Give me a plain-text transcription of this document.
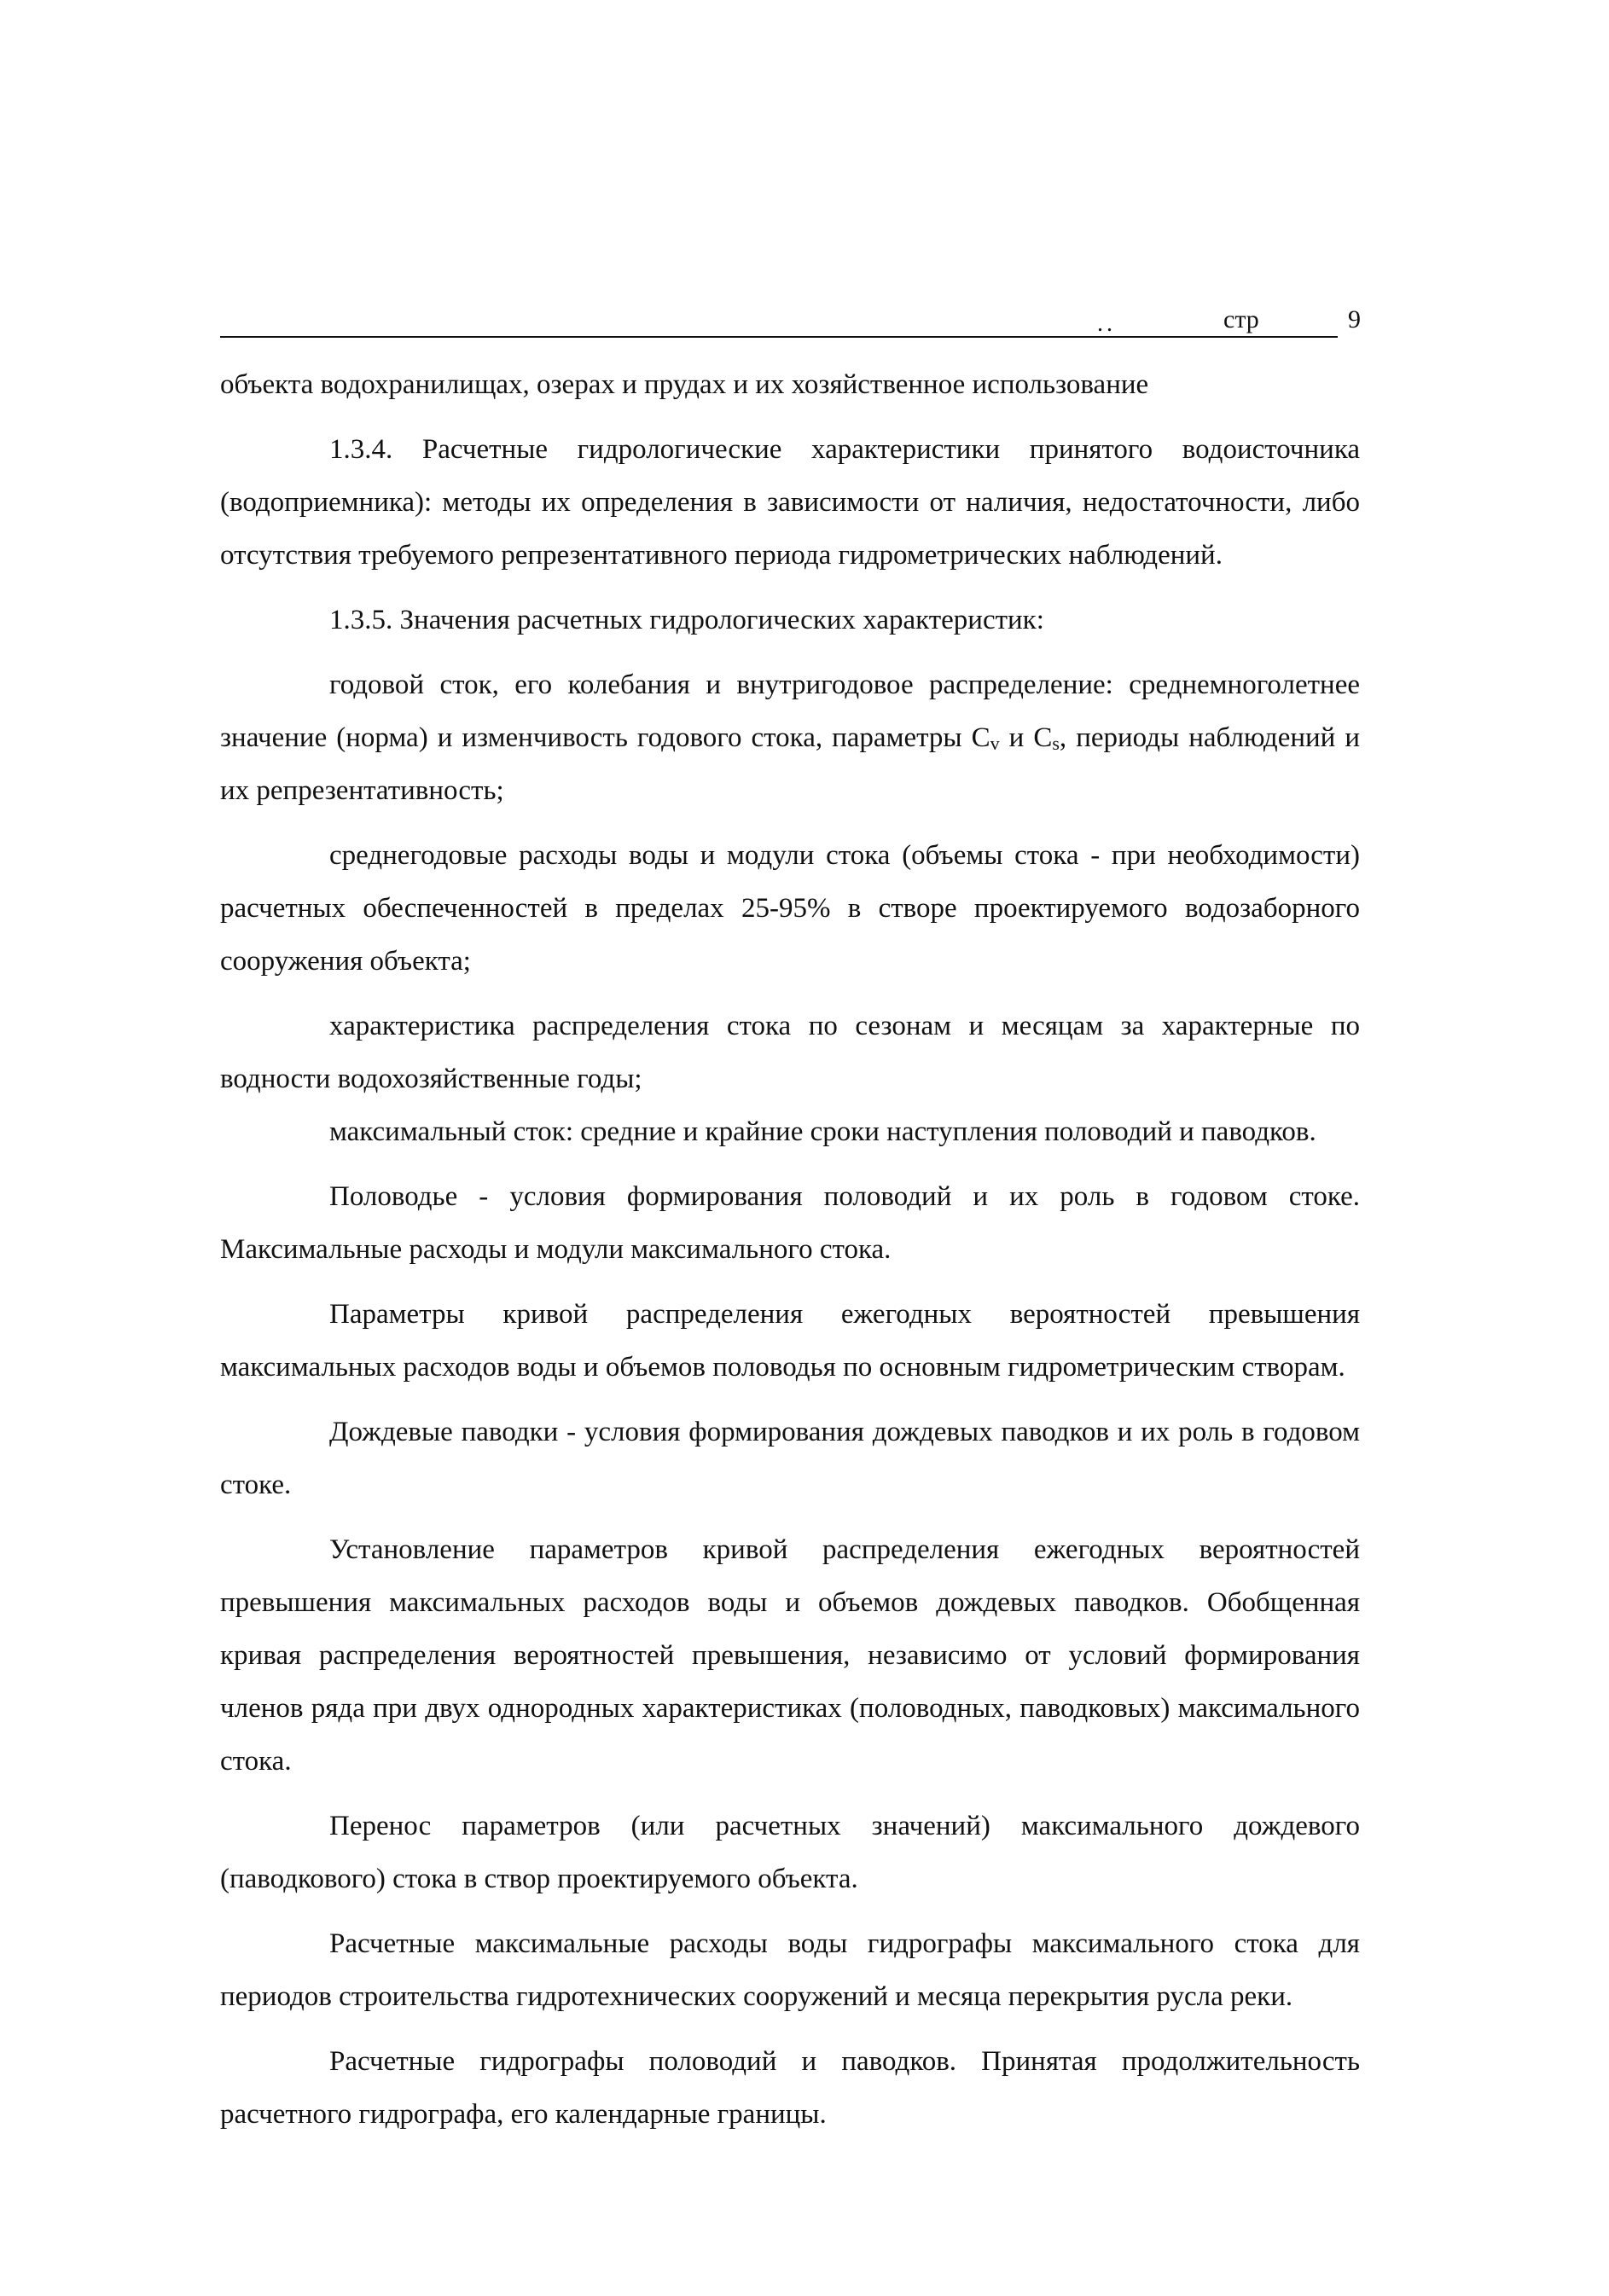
..	стр	9

объекта водохранилищах, озерах и прудах и их хозяйственное использование

1.3.4. Расчетные гидрологические характеристики принятого водоисточника (водоприемника): методы их определения в зависимости от наличия, недостаточности, либо отсутствия требуемого репрезентативного периода гидрометрических наблюдений.

1.3.5. Значения расчетных гидрологических характеристик:

годовой сток, его колебания и внутригодовое распределение: среднемноголетнее значение (норма) и изменчивость годового стока, параметры Cv и Cs, периоды наблюдений и их репрезентативность;

среднегодовые расходы воды и модули стока (объемы стока - при необходимости) расчетных обеспеченностей в пределах 25-95% в створе проектируемого водозаборного сооружения объекта;

характеристика распределения стока по сезонам и месяцам за характерные по водности водохозяйственные годы;

максимальный сток: средние и крайние сроки наступления половодий и паводков.

Половодье - условия формирования половодий и их роль в годовом стоке. Максимальные расходы и модули максимального стока.

Параметры кривой распределения ежегодных вероятностей превышения максимальных расходов воды и объемов половодья по основным гидрометрическим створам.

Дождевые паводки - условия формирования дождевых паводков и их роль в годовом стоке.

Установление параметров кривой распределения ежегодных вероятностей превышения максимальных расходов воды и объемов дождевых паводков. Обобщенная кривая распределения вероятностей превышения, независимо от условий формирования членов ряда при двух однородных характеристиках (половодных, паводковых) максимального стока.

Перенос параметров (или расчетных значений) максимального дождевого (паводкового) стока в створ проектируемого объекта.

Расчетные максимальные расходы воды гидрографы максимального стока для периодов строительства гидротехнических сооружений и месяца перекрытия русла реки.

Расчетные гидрографы половодий и паводков. Принятая продолжительность расчетного гидрографа, его календарные границы.
